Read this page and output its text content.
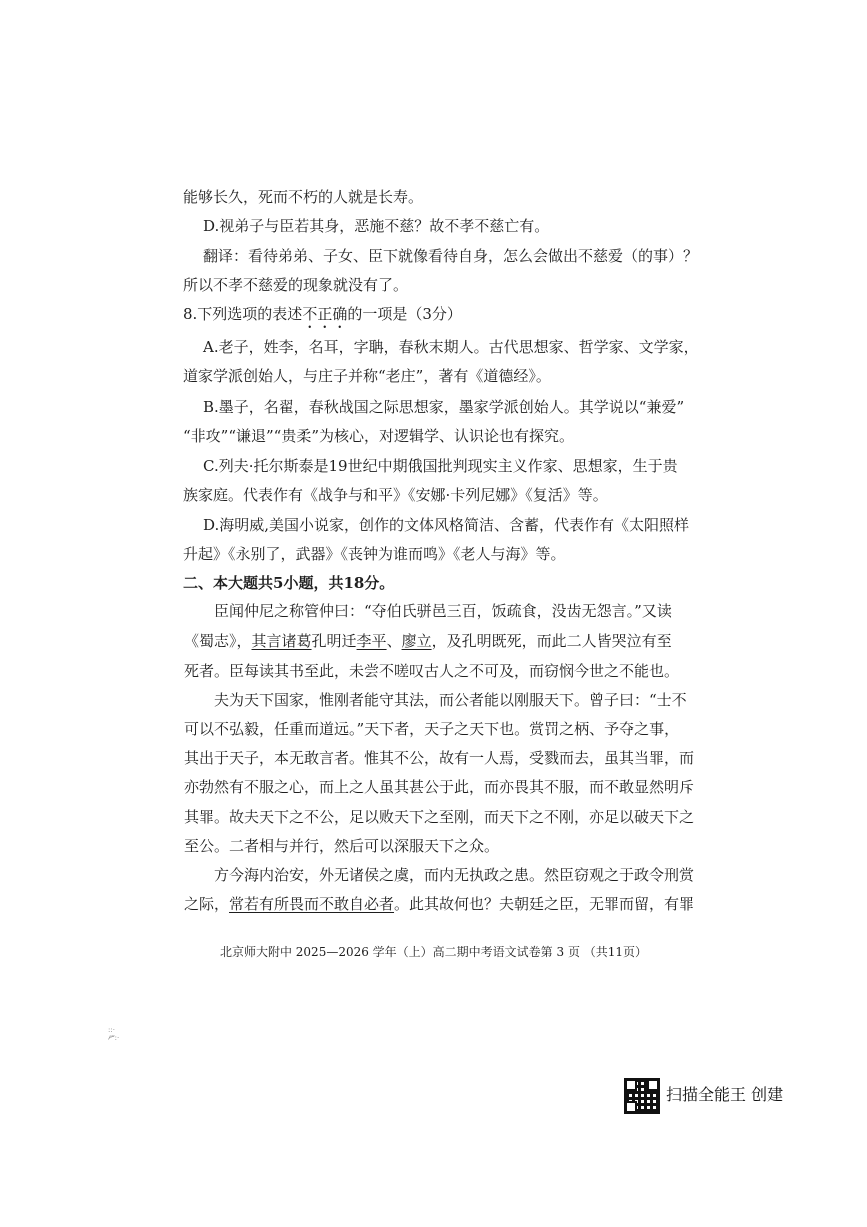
能够长久，死而不朽的人就是长寿。
D.视弟子与臣若其身，恶施不慈？故不孝不慈亡有。
翻译：看待弟弟、子女、臣下就像看待自身，怎么会做出不慈爱（的事）？
所以不孝不慈爱的现象就没有了。
8.下列选项的表述不正确的一项是（3分）
A.老子，姓李，名耳，字聃，春秋末期人。古代思想家、哲学家、文学家，
道家学派创始人，与庄子并称“老庄”，著有《道德经》。
B.墨子，名翟，春秋战国之际思想家，墨家学派创始人。其学说以“兼爱”
“非攻”“谦退”“贵柔”为核心，对逻辑学、认识论也有探究。
C.列夫·托尔斯泰是19世纪中期俄国批判现实主义作家、思想家，生于贵
族家庭。代表作有《战争与和平》《安娜·卡列尼娜》《复活》等。
D.海明威,美国小说家，创作的文体风格简洁、含蓄，代表作有《太阳照样
升起》《永别了，武器》《丧钟为谁而鸣》《老人与海》等。
二、本大题共5小题，共18分。
臣闻仲尼之称管仲曰：“夺伯氏骈邑三百，饭疏食，没齿无怨言。”又读
《蜀志》，其言诸葛孔明迁李平、廖立，及孔明既死，而此二人皆哭泣有至
死者。臣每读其书至此，未尝不嗟叹古人之不可及，而窃悯今世之不能也。
夫为天下国家，惟刚者能守其法，而公者能以刚服天下。曾子曰：“士不
可以不弘毅，任重而道远。”天下者，天子之天下也。赏罚之柄、予夺之事，
其出于天子，本无敢言者。惟其不公，故有一人焉，受戮而去，虽其当罪，而
亦勃然有不服之心，而上之人虽其甚公于此，而亦畏其不服，而不敢显然明斥
其罪。故夫天下之不公，足以败天下之至刚，而天下之不刚，亦足以破天下之
至公。二者相与并行，然后可以深服天下之众。
方今海内治安，外无诸侯之虞，而内无执政之患。然臣窃观之于政令刑赏
之际，常若有所畏而不敢自必者。此其故何也？夫朝廷之臣，无罪而留，有罪
北京师大附中 2025—2026 学年（上）高二期中考语文试卷第 3 页 （共11页）
::·
ሥ:·
扫描全能王 创建
